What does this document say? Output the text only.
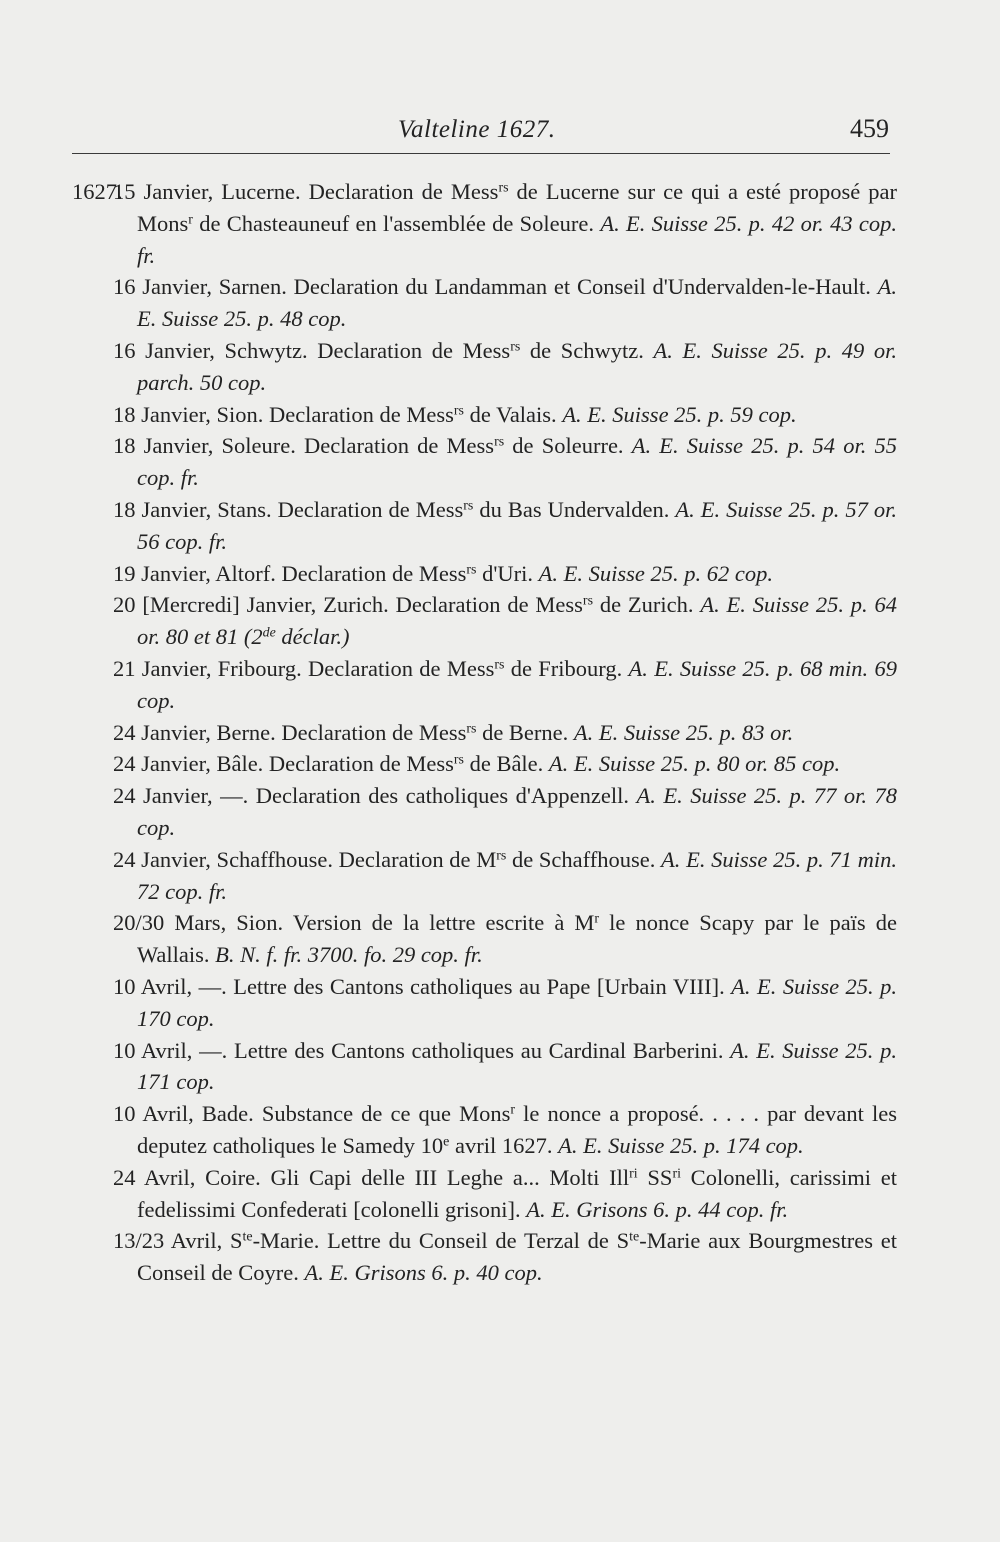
Valteline 1627.	459
1627.
15 Janvier, Lucerne. Declaration de Mess$^{rs}$ de Lucerne sur ce qui a esté proposé par Mons$^r$ de Chasteauneuf en l'assemblée de Soleure. A. E. Suisse 25. p. 42 or. 43 cop. fr.
16 Janvier, Sarnen. Declaration du Landamman et Conseil d'Undervalden-le-Hault. A. E. Suisse 25. p. 48 cop.
16 Janvier, Schwytz. Declaration de Mess$^{rs}$ de Schwytz. A. E. Suisse 25. p. 49 or. parch. 50 cop.
18 Janvier, Sion. Declaration de Mess$^{rs}$ de Valais. A. E. Suisse 25. p. 59 cop.
18 Janvier, Soleure. Declaration de Mess$^{rs}$ de Soleurre. A. E. Suisse 25. p. 54 or. 55 cop. fr.
18 Janvier, Stans. Declaration de Mess$^{rs}$ du Bas Undervalden. A. E. Suisse 25. p. 57 or. 56 cop. fr.
19 Janvier, Altorf. Declaration de Mess$^{rs}$ d'Uri. A. E. Suisse 25. p. 62 cop.
20 [Mercredi] Janvier, Zurich. Declaration de Mess$^{rs}$ de Zurich. A. E. Suisse 25. p. 64 or. 80 et 81 (2de déclar.)
21 Janvier, Fribourg. Declaration de Mess$^{rs}$ de Fribourg. A. E. Suisse 25. p. 68 min. 69 cop.
24 Janvier, Berne. Declaration de Mess$^{rs}$ de Berne. A. E. Suisse 25. p. 83 or.
24 Janvier, Bâle. Declaration de Mess$^{rs}$ de Bâle. A. E. Suisse 25. p. 80 or. 85 cop.
24 Janvier, —. Declaration des catholiques d'Appenzell. A. E. Suisse 25. p. 77 or. 78 cop.
24 Janvier, Schaffhouse. Declaration de $M^{rs}$ de Schaffhouse. A. E. Suisse 25. p. 71 min. 72 cop. fr.
20/30 Mars, Sion. Version de la lettre escrite à $M^r$ le nonce Scapy par le païs de Wallais. B. N. f. fr. 3700. fo. 29 cop. fr.
10 Avril, —. Lettre des Cantons catholiques au Pape [Urbain VIII]. A. E. Suisse 25. p. 170 cop.
10 Avril, —. Lettre des Cantons catholiques au Cardinal Barberini. A. E. Suisse 25. p. 171 cop.
10 Avril, Bade. Substance de ce que Mons$^r$ le nonce a proposé. . . . . par devant les deputez catholiques le Samedy 10e avril 1627. A. E. Suisse 25. p. 174 cop.
24 Avril, Coire. Gli Capi delle III Leghe a... Molti Ill$^{ri}$ $SS^{ri}$ Colonelli, carissimi et fedelissimi Confederati [colonelli grisoni]. A. E. Grisons 6. p. 44 cop. fr.
13/23 Avril, $S^{te}$-Marie. Lettre du Conseil de Terzal de $S^{te}$-Marie aux Bourgmestres et Conseil de Coyre. A. E. Grisons 6. p. 40 cop.
